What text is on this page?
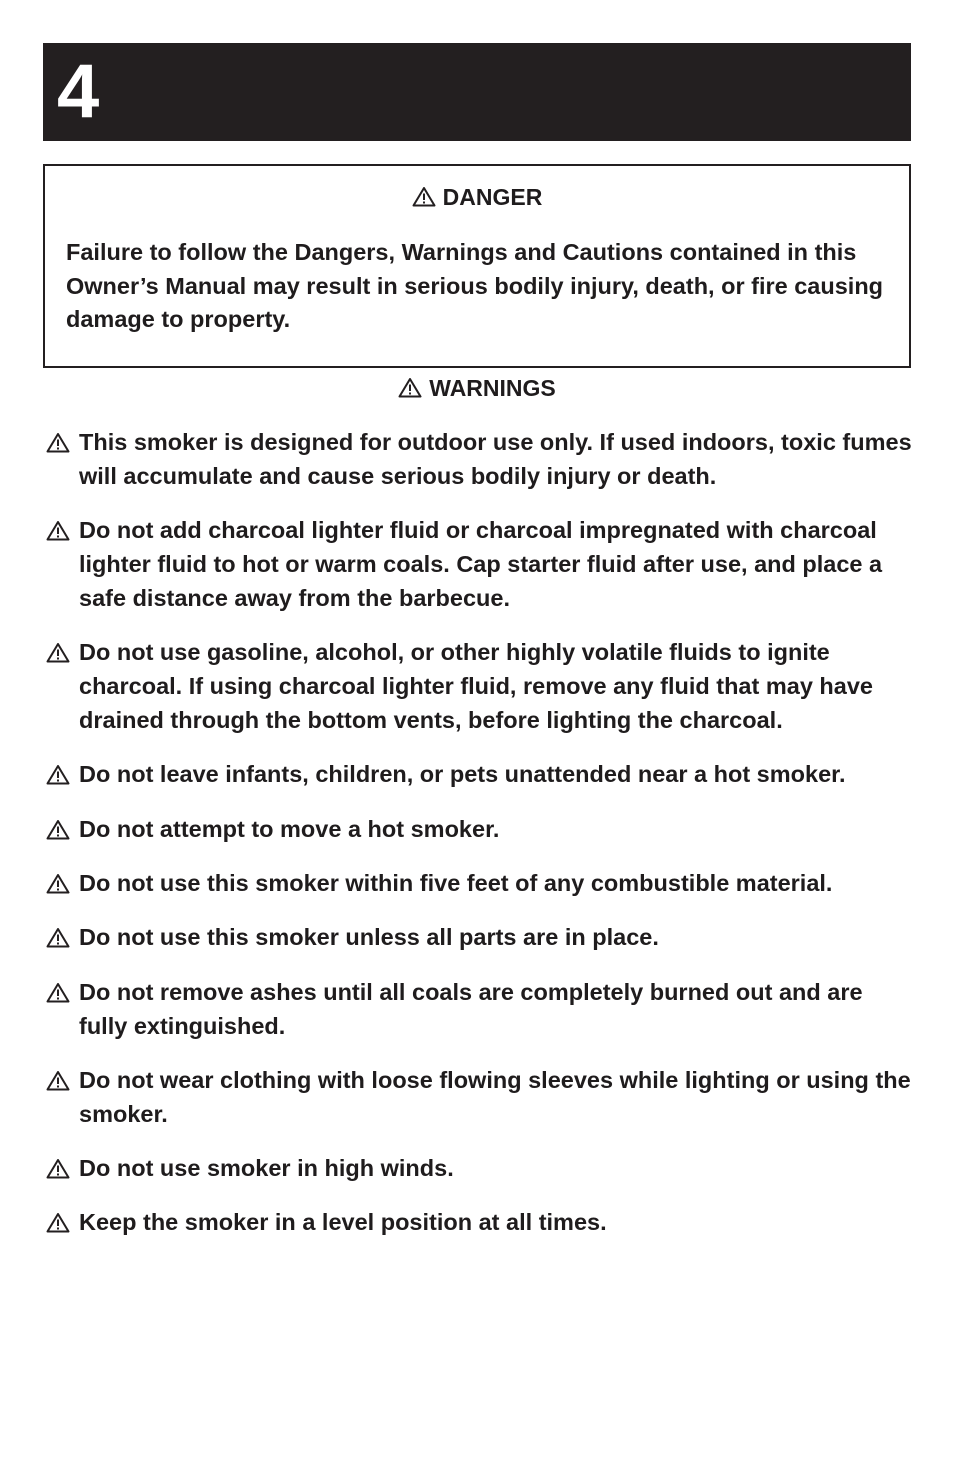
4
DANGER

Failure to follow the Dangers, Warnings and Cautions contained in this Owner’s Manual may result in serious bodily injury, death, or fire causing damage to property.

WARNINGS
This smoker is designed for outdoor use only. If used indoors, toxic fumes will accumulate and cause serious bodily injury or death.
Do not add charcoal lighter fluid or charcoal impregnated with charcoal lighter fluid to hot or warm coals. Cap starter fluid after use, and place a safe distance away from the barbecue.
Do not use gasoline, alcohol, or other highly volatile fluids to ignite charcoal. If using charcoal lighter fluid, remove any fluid that may have drained through the bottom vents, before lighting the charcoal.
Do not leave infants, children, or pets unattended near a hot smoker.
Do not attempt to move a hot smoker.
Do not use this smoker within five feet of any combustible material.
Do not use this smoker unless all parts are in place.
Do not remove ashes until all coals are completely burned out and are fully extinguished.
Do not wear clothing with loose flowing sleeves while lighting or using the smoker.
Do not use smoker in high winds.
Keep the smoker in a level position at all times.
